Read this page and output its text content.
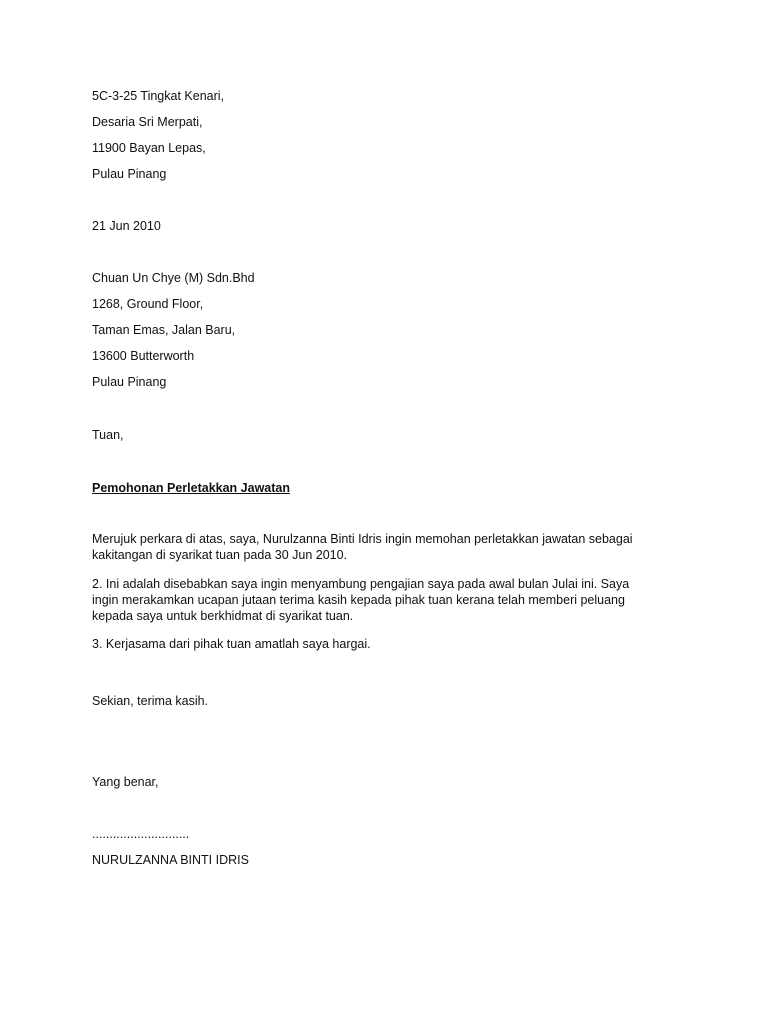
5C-3-25 Tingkat Kenari,
Desaria Sri Merpati,
11900 Bayan Lepas,
Pulau Pinang
21 Jun 2010
Chuan Un Chye (M) Sdn.Bhd
1268, Ground Floor,
Taman Emas, Jalan Baru,
13600 Butterworth
Pulau Pinang
Tuan,
Pemohonan Perletakkan Jawatan
Merujuk perkara di atas, saya, Nurulzanna Binti Idris ingin memohan perletakkan jawatan sebagai
kakitangan di syarikat tuan pada 30 Jun 2010.
2. Ini adalah disebabkan saya ingin menyambung pengajian saya pada awal bulan Julai ini. Saya
ingin merakamkan ucapan jutaan terima kasih kepada pihak tuan kerana telah memberi peluang
kepada saya untuk berkhidmat di syarikat tuan.
3. Kerjasama dari pihak tuan amatlah saya hargai.
Sekian, terima kasih.
Yang benar,
............................
NURULZANNA BINTI IDRIS
